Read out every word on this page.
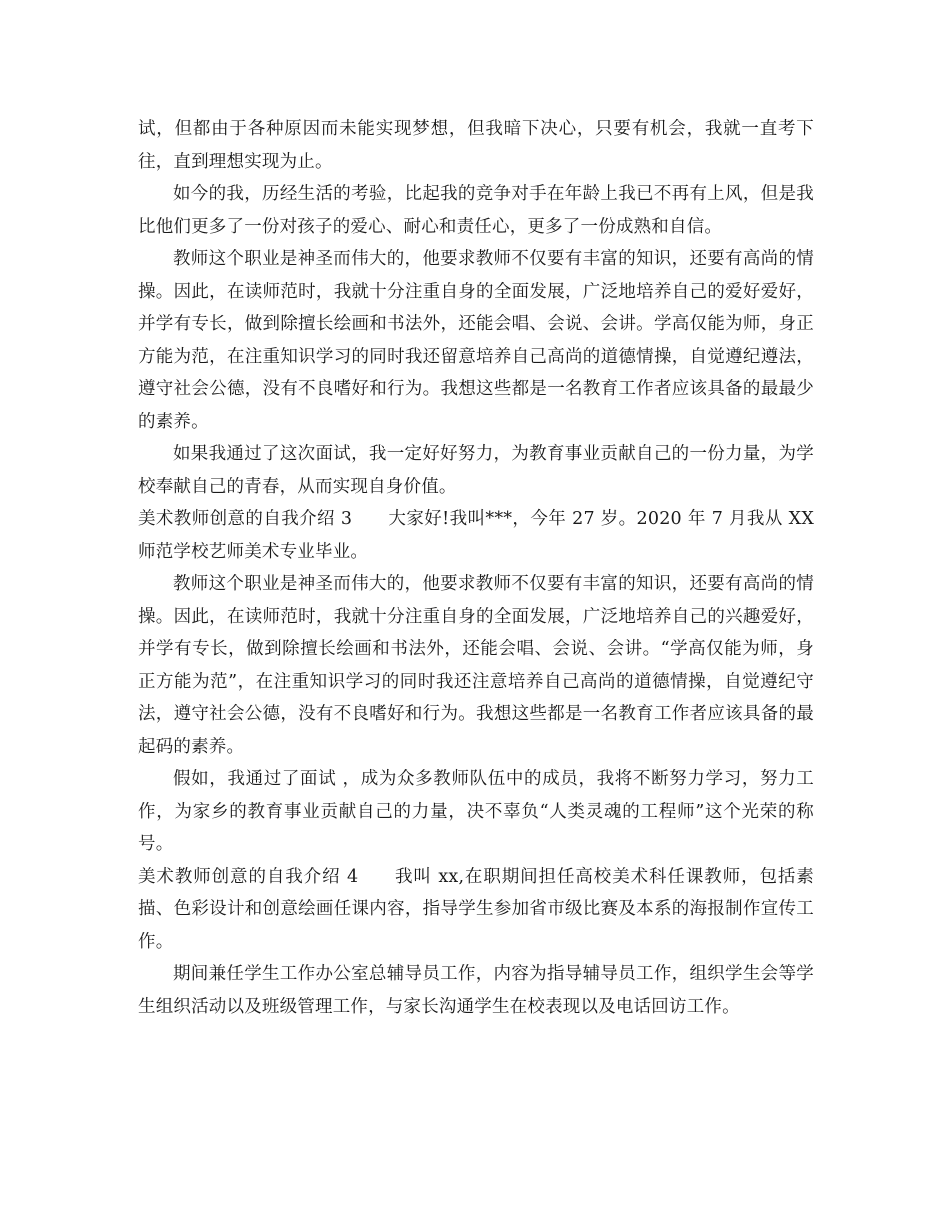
试，但都由于各种原因而未能实现梦想，但我暗下决心，只要有机会，我就一直考下往，直到理想实现为止。

如今的我，历经生活的考验，比起我的竞争对手在年龄上我已不再有上风，但是我比他们更多了一份对孩子的爱心、耐心和责任心，更多了一份成熟和自信。

教师这个职业是神圣而伟大的，他要求教师不仅要有丰富的知识，还要有高尚的情操。因此，在读师范时，我就十分注重自身的全面发展，广泛地培养自己的爱好爱好，并学有专长，做到除擅长绘画和书法外，还能会唱、会说、会讲。学高仅能为师，身正方能为范，在注重知识学习的同时我还留意培养自己高尚的道德情操，自觉遵纪遵法，遵守社会公德，没有不良嗜好和行为。我想这些都是一名教育工作者应该具备的最最少的素养。

如果我通过了这次面试，我一定好好努力，为教育事业贡献自己的一份力量，为学校奉献自己的青春，从而实现自身价值。

美术教师创意的自我介绍 3 大家好!我叫***，今年 27 岁。2020 年 7 月我从 XX 师范学校艺师美术专业毕业。

教师这个职业是神圣而伟大的，他要求教师不仅要有丰富的知识，还要有高尚的情操。因此，在读师范时，我就十分注重自身的全面发展，广泛地培养自己的兴趣爱好，并学有专长，做到除擅长绘画和书法外，还能会唱、会说、会讲。“学高仅能为师，身正方能为范”，在注重知识学习的同时我还注意培养自己高尚的道德情操，自觉遵纪守法，遵守社会公德，没有不良嗜好和行为。我想这些都是一名教育工作者应该具备的最起码的素养。

假如，我通过了面试 ，成为众多教师队伍中的成员，我将不断努力学习，努力工作，为家乡的教育事业贡献自己的力量，决不辜负“人类灵魂的工程师”这个光荣的称号。

美术教师创意的自我介绍 4 我叫 xx,在职期间担任高校美术科任课教师，包括素描、色彩设计和创意绘画任课内容，指导学生参加省市级比赛及本系的海报制作宣传工作。

期间兼任学生工作办公室总辅导员工作，内容为指导辅导员工作，组织学生会等学生组织活动以及班级管理工作，与家长沟通学生在校表现以及电话回访工作。
